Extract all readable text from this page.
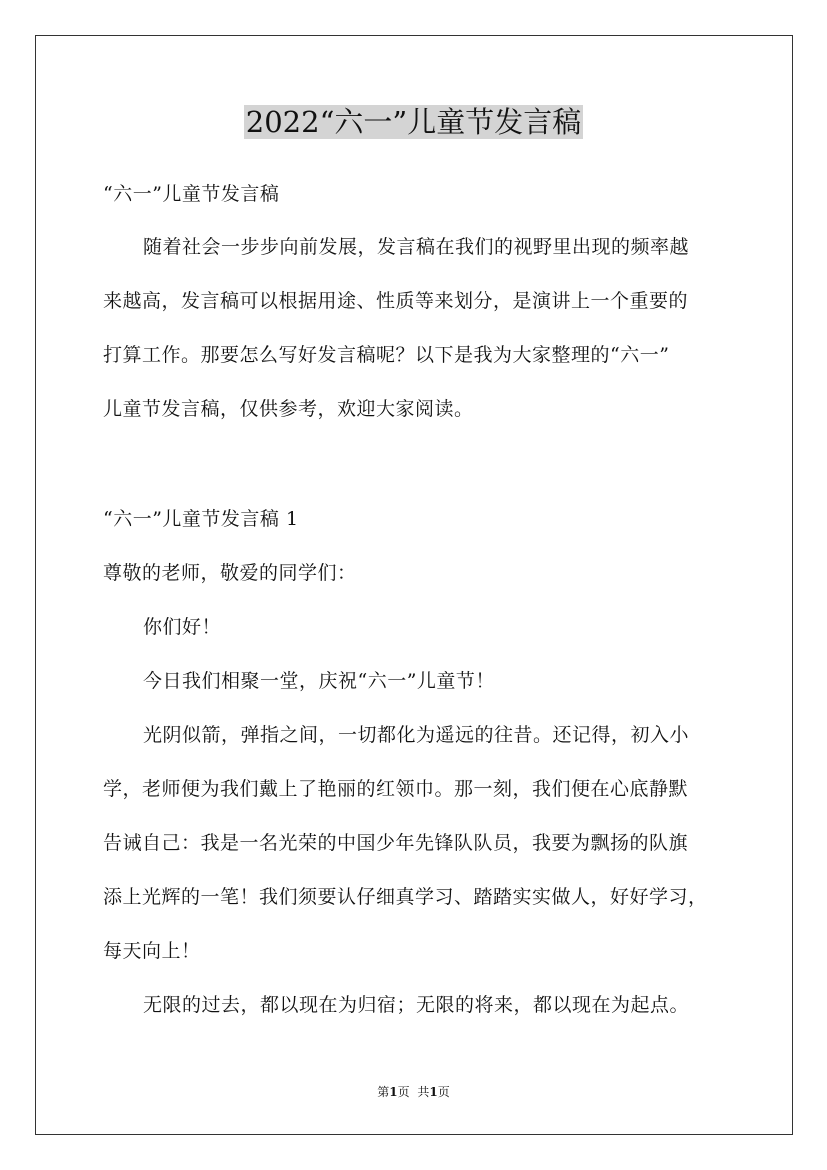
2022“六一”儿童节发言稿
“六一”儿童节发言稿
随着社会一步步向前发展，发言稿在我们的视野里出现的频率越
来越高，发言稿可以根据用途、性质等来划分，是演讲上一个重要的
打算工作。那要怎么写好发言稿呢？以下是我为大家整理的“六一”
儿童节发言稿，仅供参考，欢迎大家阅读。
“六一”儿童节发言稿 1
尊敬的老师，敬爱的同学们：
你们好！
今日我们相聚一堂，庆祝“六一”儿童节！
光阴似箭，弹指之间，一切都化为遥远的往昔。还记得，初入小
学，老师便为我们戴上了艳丽的红领巾。那一刻，我们便在心底静默
告诫自己：我是一名光荣的中国少年先锋队队员，我要为飘扬的队旗
添上光辉的一笔！我们须要认仔细真学习、踏踏实实做人，好好学习，
每天向上！
无限的过去，都以现在为归宿；无限的将来，都以现在为起点。
第1页 共1页
